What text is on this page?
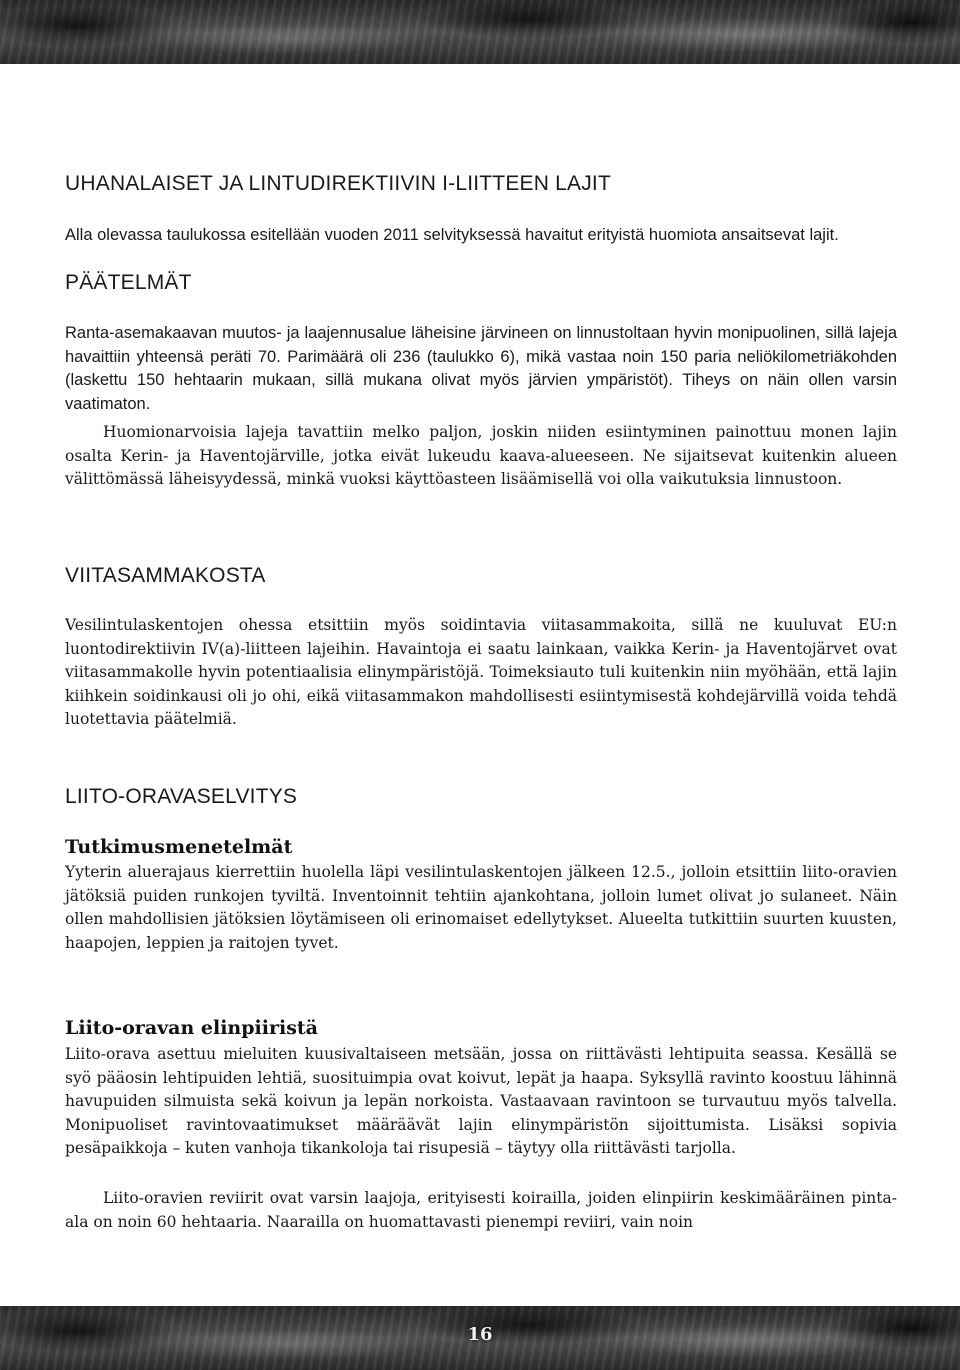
UHANALAISET JA LINTUDIREKTIIVIN I-LIITTEEN LAJIT

Alla olevassa taulukossa esitellään vuoden 2011 selvityksessä havaitut erityistä huomiota ansaitsevat lajit.

PÄÄTELMÄT

Ranta-asemakaavan muutos- ja laajennusalue läheisine järvineen on linnustoltaan hyvin monipuolinen, sillä lajeja havaittiin yhteensä peräti 70. Parimäärä oli 236 (taulukko 6), mikä vastaa noin 150 paria neliökilometriäkohden (laskettu 150 hehtaarin mukaan, sillä mukana olivat myös järvien ympäristöt). Tiheys on näin ollen varsin vaatimaton.

Huomionarvoisia lajeja tavattiin melko paljon, joskin niiden esiintyminen painottuu monen lajin osalta Kerin- ja Haventojärville, jotka eivät lukeudu kaava-alueeseen. Ne sijaitsevat kuitenkin alueen välittömässä läheisyydessä, minkä vuoksi käyttöasteen lisäämisellä voi olla vaikutuksia linnustoon.

VIITASAMMAKOSTA

Vesilintulaskentojen ohessa etsittiin myös soidintavia viitasammakoita, sillä ne kuuluvat EU:n luontodirektiivin IV(a)-liitteen lajeihin. Havaintoja ei saatu lainkaan, vaikka Kerin- ja Haventojärvet ovat viitasammakolle hyvin potentiaalisia elinympäristöjä. Toimeksiauto tuli kuitenkin niin myöhään, että lajin kiihkein soidinkausi oli jo ohi, eikä viitasammakon mahdollisesti esiintymisestä kohdejärvillä voida tehdä luotettavia päätelmiä.

LIITO-ORAVASELVITYS
Tutkimusmenetelmät

Yyterin aluerajaus kierrettiin huolella läpi vesilintulaskentojen jälkeen 12.5., jolloin etsittiin liito-oravien jätöksiä puiden runkojen tyviltä. Inventoinnit tehtiin ajankohtana, jolloin lumet olivat jo sulaneet. Näin ollen mahdollisien jätöksien löytämiseen oli erinomaiset edellytykset. Alueelta tutkittiin suurten kuusten, haapojen, leppien ja raitojen tyvet.

Liito-oravan elinpiiristä

Liito-orava asettuu mieluiten kuusivaltaiseen metsään, jossa on riittävästi lehtipuita seassa. Kesällä se syö pääosin lehtipuiden lehtiä, suosituimpia ovat koivut, lepät ja haapa. Syksyllä ravinto koostuu lähinnä havupuiden silmuista sekä koivun ja lepän norkoista. Vastaavaan ravintoon se turvautuu myös talvella. Monipuoliset ravintovaatimukset määräävät lajin elinympäristön sijoittumista. Lisäksi sopivia pesäpaikkoja – kuten vanhoja tikankoloja tai risupesiä – täytyy olla riittävästi tarjolla.

Liito-oravien reviirit ovat varsin laajoja, erityisesti koirailla, joiden elinpiirin keskimääräinen pinta-ala on noin 60 hehtaaria. Naarailla on huomattavasti pienempi reviiri, vain noin

16
